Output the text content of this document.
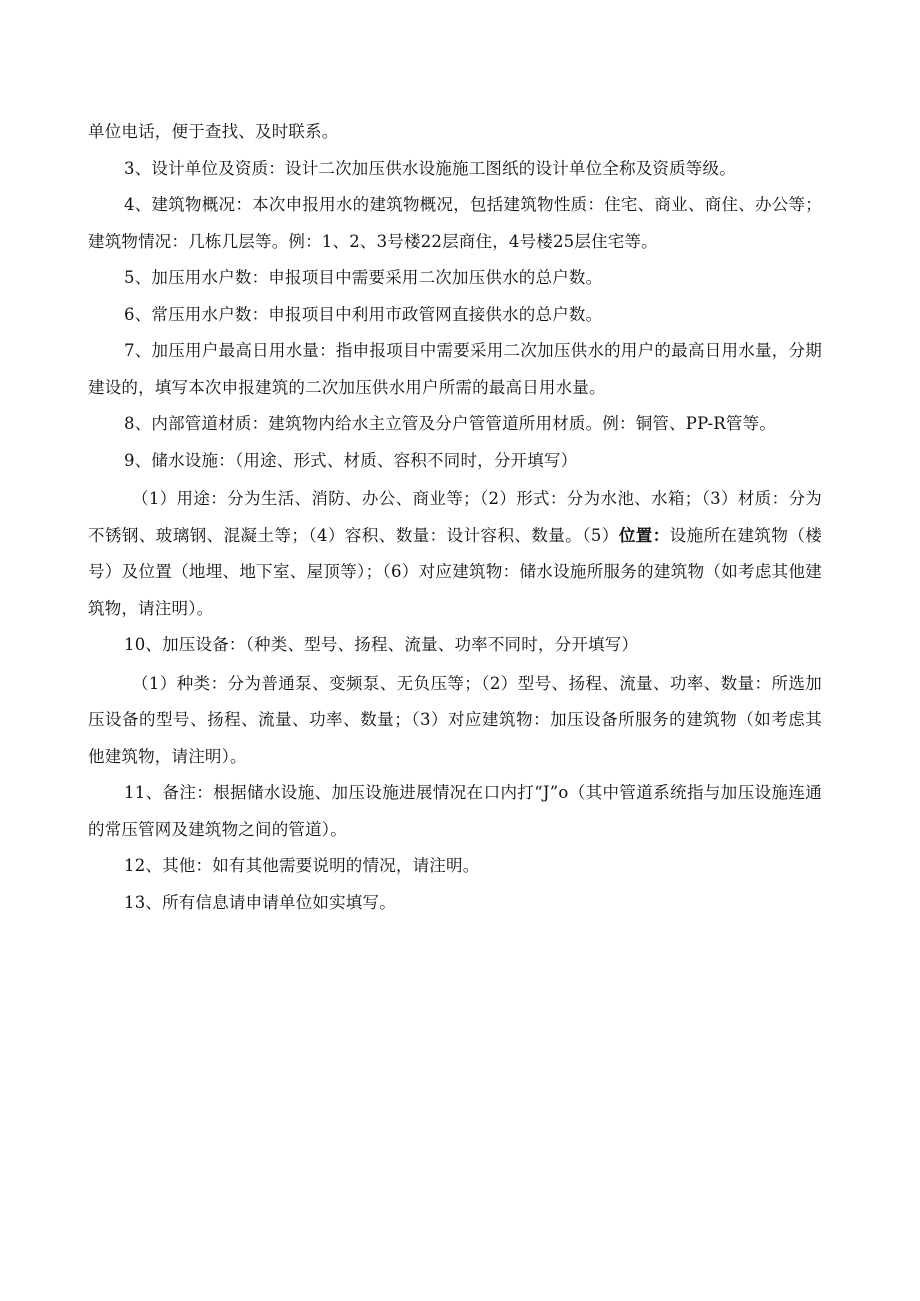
单位电话，便于查找、及时联系。

3、设计单位及资质：设计二次加压供水设施施工图纸的设计单位全称及资质等级。

4、建筑物概况：本次申报用水的建筑物概况，包括建筑物性质：住宅、商业、商住、办公等；建筑物情况：几栋几层等。例：1、2、3号楼22层商住，4号楼25层住宅等。

5、加压用水户数：申报项目中需要采用二次加压供水的总户数。

6、常压用水户数：申报项目中利用市政管网直接供水的总户数。

7、加压用户最高日用水量：指申报项目中需要采用二次加压供水的用户的最高日用水量，分期建设的，填写本次申报建筑的二次加压供水用户所需的最高日用水量。

8、内部管道材质：建筑物内给水主立管及分户管管道所用材质。例：铜管、PP-R管等。

9、储水设施：（用途、形式、材质、容积不同时，分开填写）

（1）用途：分为生活、消防、办公、商业等；（2）形式：分为水池、水箱；（3）材质：分为不锈钢、玻璃钢、混凝土等；（4）容积、数量：设计容积、数量。（5）位置：设施所在建筑物（楼号）及位置（地埋、地下室、屋顶等）；（6）对应建筑物：储水设施所服务的建筑物（如考虑其他建筑物，请注明）。

10、加压设备：（种类、型号、扬程、流量、功率不同时，分开填写）

（1）种类：分为普通泵、变频泵、无负压等；（2）型号、扬程、流量、功率、数量：所选加压设备的型号、扬程、流量、功率、数量；（3）对应建筑物：加压设备所服务的建筑物（如考虑其他建筑物，请注明）。

11、备注：根据储水设施、加压设施进展情况在口内打“J”o（其中管道系统指与加压设施连通的常压管网及建筑物之间的管道）。

12、其他：如有其他需要说明的情况，请注明。

13、所有信息请申请单位如实填写。
